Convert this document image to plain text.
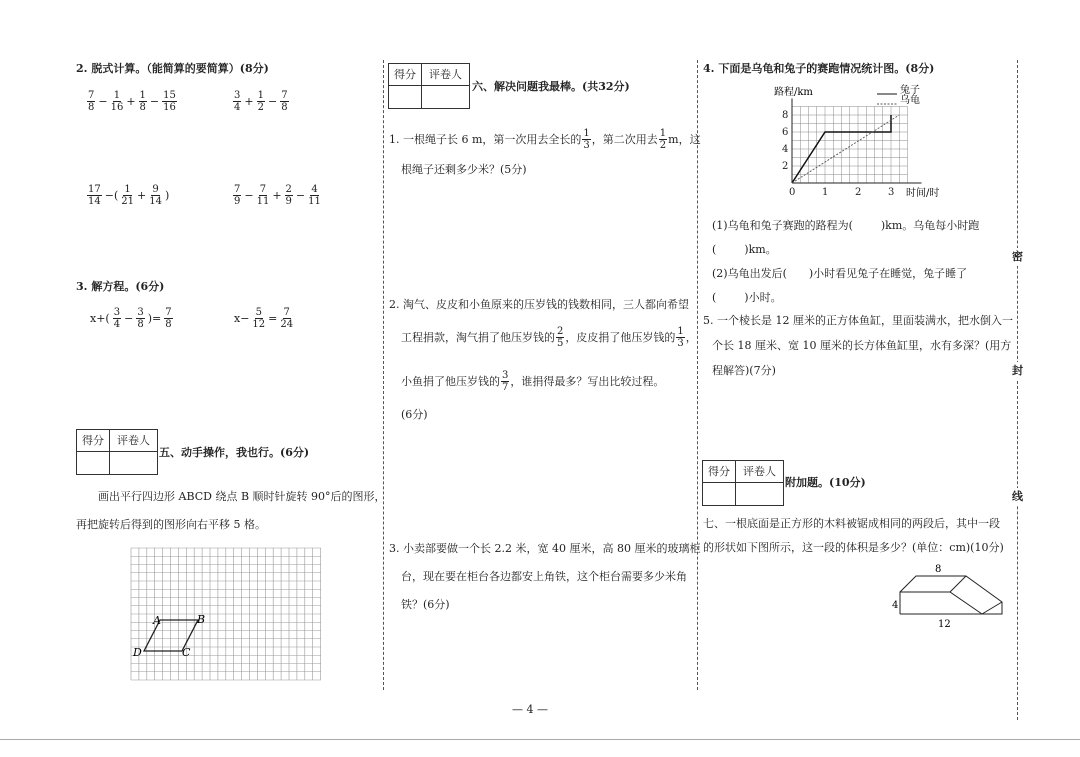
2. 脱式计算。（能简算的要简算）(8分)
$\frac{7}{8} - \frac{1}{16} + \frac{1}{8} - \frac{15}{16}$	$\frac{3}{4} + \frac{1}{2} - \frac{7}{8}$
$\frac{17}{14}$ −( $\frac{1}{21} + \frac{9}{14}$ )	$\frac{7}{9} - \frac{7}{11} + \frac{2}{9} - \frac{4}{11}$
3. 解方程。(6分)
$x+( \frac{3}{4} - \frac{3}{8}$ )= $\frac{7}{8}$	$x- \frac{5}{12} = \frac{7}{24}$
得分	评卷人
五、动手操作，我也行。(6分)
画出平行四边形 ABCD 绕点 B 顺时针旋转 90°后的图形，
再把旋转后得到的图形向右平移 5 格。
A	B
C
D
得分	评卷人
六、解决问题我最棒。(共32分)
1. 一根绳子长 6 m，第一次用去全长的 $\frac{1}{3}$ ，第二次用去 $\frac{1}{2}$ m，这
根绳子还剩多少米？(5分)
2. 淘气、皮皮和小鱼原来的压岁钱的钱数相同，三人都向希望
工程捐款，淘气捐了他压岁钱的 $\frac{2}{5}$ ，皮皮捐了他压岁钱的 $\frac{1}{3}$ ，
小鱼捐了他压岁钱的 $\frac{3}{7}$ ，谁捐得最多？写出比较过程。
(6分)
3. 小卖部要做一个长 2.2 米，宽 40 厘米，高 80 厘米的玻璃柜
台，现在要在柜台各边都安上角铁，这个柜台需要多少米角
铁？(6分)
— 4 —
4. 下面是乌龟和兔子的赛跑情况统计图。(8分)
0	1	2	3
2
4
6
8
路程/km
时间/时
兔子
乌龟
(1)乌龟和兔子赛跑的路程为(	)km。乌龟每小时跑
(	)km。
(2)乌龟出发后( )小时看见兔子在睡觉，兔子睡了
(	)小时。
5. 一个棱长是 12 厘米的正方体鱼缸，里面装满水，把水倒入一
个长 18 厘米、宽 10 厘米的长方体鱼缸里，水有多深？(用方
程解答)(7分)
得分	评卷人
附加题。(10分)
七、一根底面是正方形的木料被锯成相同的两段后，其中一段
的形状如下图所示，这一段的体积是多少？(单位：cm)(10分)
8
4
12
密
封
线
